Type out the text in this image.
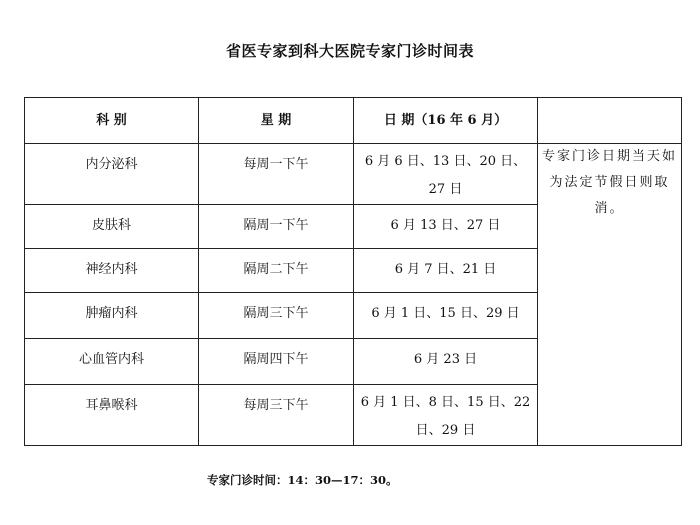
省医专家到科大医院专家门诊时间表
科 别	星 期	日 期（16 年 6 月）	

内分泌科	每周一下午	6 月 6 日、13 日、20 日、27 日	专家门诊日期当天如为法定节假日则取消。

皮肤科	隔周一下午	6 月 13 日、27 日	

神经内科	隔周二下午	6 月 7 日、21 日	

肿瘤内科	隔周三下午	6 月 1 日、15 日、29 日	

心血管内科	隔周四下午	6 月 23 日	

耳鼻喉科	每周三下午	6 月 1 日、8 日、15 日、22 日、29 日	
专家门诊时间：14：30—17：30。
